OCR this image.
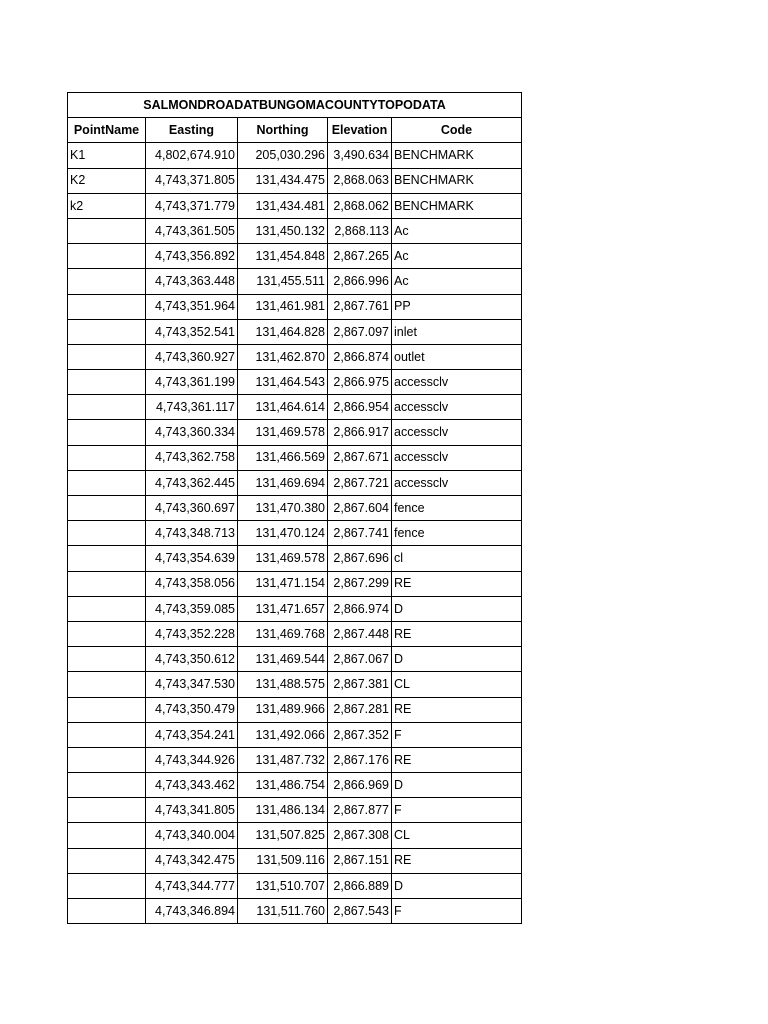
SALMONDROADATBUNGOMACOUNTYTOPODATA				
PointName	Easting	Northing	Elevation	Code
K1	4,802,674.910	205,030.296	3,490.634	BENCHMARK
K2	4,743,371.805	131,434.475	2,868.063	BENCHMARK
k2	4,743,371.779	131,434.481	2,868.062	BENCHMARK
	4,743,361.505	131,450.132	2,868.113	Ac
	4,743,356.892	131,454.848	2,867.265	Ac
	4,743,363.448	131,455.511	2,866.996	Ac
	4,743,351.964	131,461.981	2,867.761	PP
	4,743,352.541	131,464.828	2,867.097	inlet
	4,743,360.927	131,462.870	2,866.874	outlet
	4,743,361.199	131,464.543	2,866.975	accessclv
	4,743,361.117	131,464.614	2,866.954	accessclv
	4,743,360.334	131,469.578	2,866.917	accessclv
	4,743,362.758	131,466.569	2,867.671	accessclv
	4,743,362.445	131,469.694	2,867.721	accessclv
	4,743,360.697	131,470.380	2,867.604	fence
	4,743,348.713	131,470.124	2,867.741	fence
	4,743,354.639	131,469.578	2,867.696	cl
	4,743,358.056	131,471.154	2,867.299	RE
	4,743,359.085	131,471.657	2,866.974	D
	4,743,352.228	131,469.768	2,867.448	RE
	4,743,350.612	131,469.544	2,867.067	D
	4,743,347.530	131,488.575	2,867.381	CL
	4,743,350.479	131,489.966	2,867.281	RE
	4,743,354.241	131,492.066	2,867.352	F
	4,743,344.926	131,487.732	2,867.176	RE
	4,743,343.462	131,486.754	2,866.969	D
	4,743,341.805	131,486.134	2,867.877	F
	4,743,340.004	131,507.825	2,867.308	CL
	4,743,342.475	131,509.116	2,867.151	RE
	4,743,344.777	131,510.707	2,866.889	D
	4,743,346.894	131,511.760	2,867.543	F
